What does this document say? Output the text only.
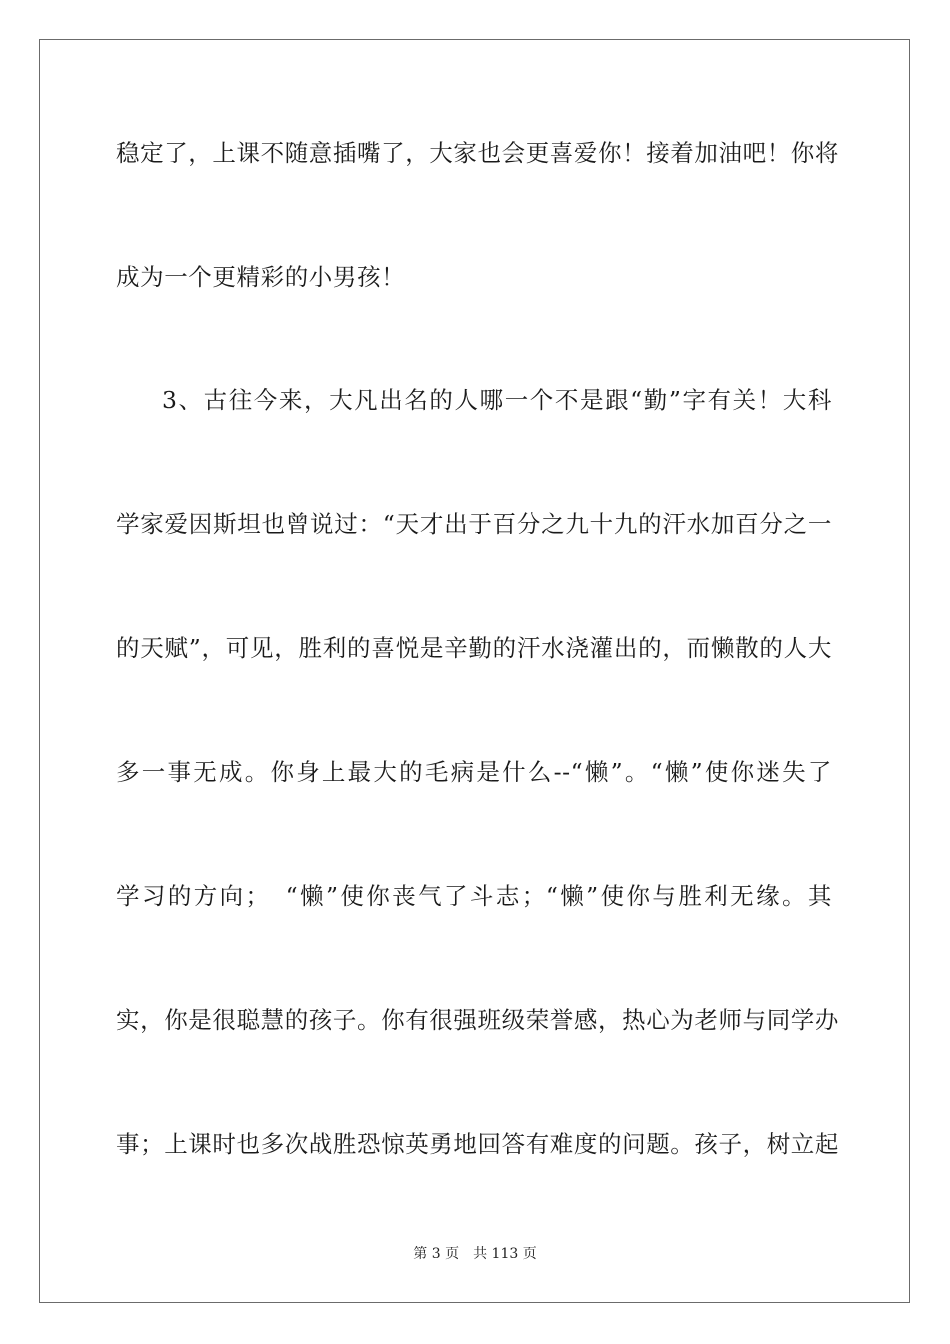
稳定了，上课不随意插嘴了，大家也会更喜爱你！接着加油吧！你将
成为一个更精彩的小男孩！
3、古往今来，大凡出名的人哪一个不是跟“勤”字有关！大科
学家爱因斯坦也曾说过：“天才出于百分之九十九的汗水加百分之一
的天赋”，可见，胜利的喜悦是辛勤的汗水浇灌出的，而懒散的人大
多一事无成。你身上最大的毛病是什么--“懒”。“懒”使你迷失了
学习的方向；　“懒”使你丧气了斗志；“懒”使你与胜利无缘。其
实，你是很聪慧的孩子。你有很强班级荣誉感，热心为老师与同学办
事；上课时也多次战胜恐惊英勇地回答有难度的问题。孩子，树立起
第 3 页 共 113 页
